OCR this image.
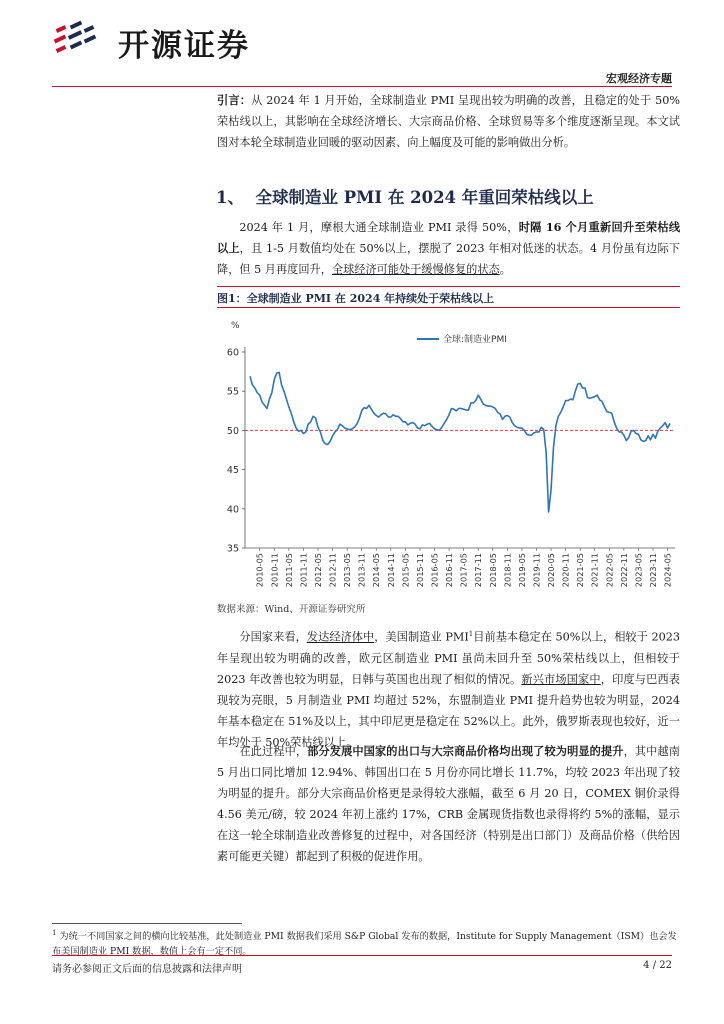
开源证券
宏观经济专题
引言：从 2024 年 1 月开始，全球制造业 PMI 呈现出较为明确的改善，且稳定的处于 50%荣枯线以上，其影响在全球经济增长、大宗商品价格、全球贸易等多个维度逐渐呈现。本文试图对本轮全球制造业回暖的驱动因素、向上幅度及可能的影响做出分析。
1、 全球制造业 PMI 在 2024 年重回荣枯线以上
2024 年 1 月，摩根大通全球制造业 PMI 录得 50%，时隔 16 个月重新回升至荣枯线以上，且 1-5 月数值均处在 50%以上，摆脱了 2023 年相对低迷的状态。4 月份虽有边际下降，但 5 月再度回升，全球经济可能处于缓慢修复的状态。
图1：全球制造业 PMI 在 2024 年持续处于荣枯线以上
%
35
40
45
50
55
60
2010-05 2010-11 2011-05 2011-11 2012-05 2012-11 2013-05 2013-11 2014-05 2014-11 2015-05 2015-11 2016-05 2016-11 2017-05 2017-11 2018-05 2018-11 2019-05 2019-11 2020-05 2020-11 2021-05 2021-11 2022-05 2022-11 2023-05 2023-11 2024-05
全球:制造业PMI
数据来源：Wind、开源证券研究所
分国家来看，发达经济体中，美国制造业 PMI$^1$目前基本稳定在 50%以上，相较于 2023 年呈现出较为明确的改善，欧元区制造业 PMI 虽尚未回升至 50%荣枯线以上，但相较于 2023 年改善也较为明显，日韩与英国也出现了相似的情况。新兴市场国家中，印度与巴西表现较为亮眼，5 月制造业 PMI 均超过 52%，东盟制造业 PMI 提升趋势也较为明显，2024 年基本稳定在 51%及以上，其中印尼更是稳定在 52%以上。此外，俄罗斯表现也较好，近一年均处于 50%荣枯线以上。
在此过程中，部分发展中国家的出口与大宗商品价格均出现了较为明显的提升，其中越南 5 月出口同比增加 12.94%、韩国出口在 5 月份亦同比增长 11.7%，均较 2023 年出现了较为明显的提升。部分大宗商品价格更是录得较大涨幅，截至 6 月 20 日，COMEX 铜价录得 4.56 美元/磅，较 2024 年初上涨约 17%，CRB 金属现货指数也录得将约 5%的涨幅，显示在这一轮全球制造业改善修复的过程中，对各国经济（特别是出口部门）及商品价格（供给因素可能更关键）都起到了积极的促进作用。
$^1$ 为统一不同国家之间的横向比较基准，此处制造业 PMI 数据我们采用 S&P Global 发布的数据，Institute for Supply Management（ISM）也会发布美国制造业 PMI 数据，数值上会有一定不同。
请务必参阅正文后面的信息披露和法律声明	4 / 22
